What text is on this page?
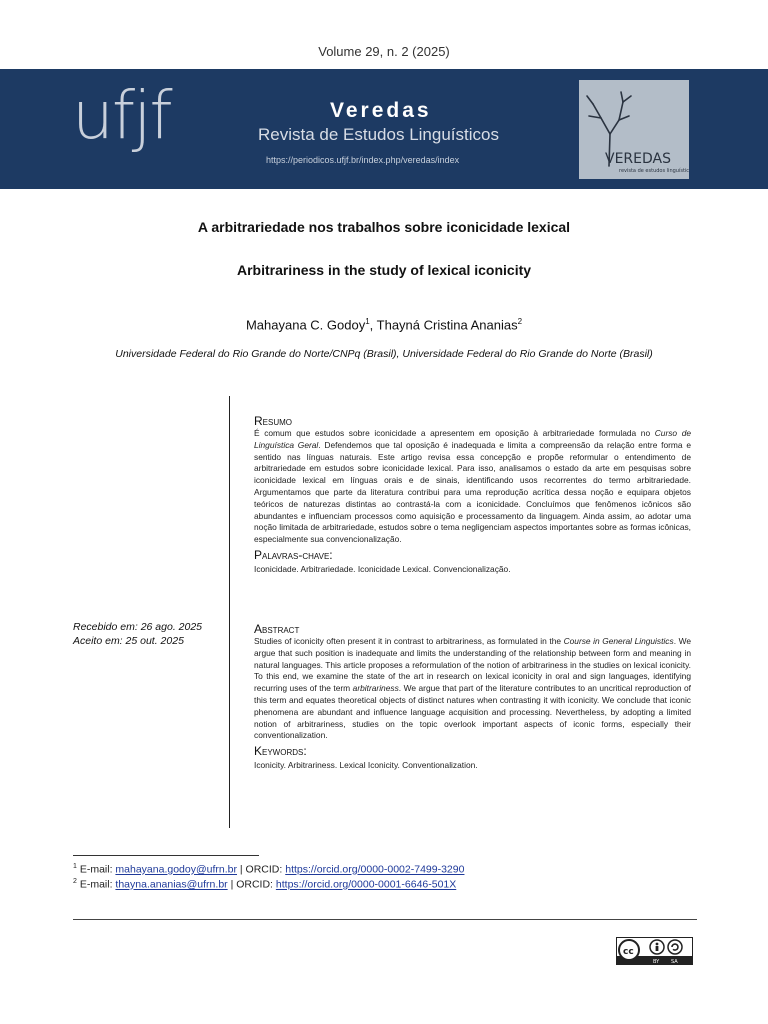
Volume 29, n. 2 (2025)
ufjf	Veredas
Revista de Estudos Linguísticos
https://periodicos.ufjf.br/index.php/veredas/index	VEREDAS
revista de estudos linguísticos
A arbitrariedade nos trabalhos sobre iconicidade lexical
Arbitrariness in the study of lexical iconicity
Mahayana C. Godoy$^1$, Thayná Cristina Ananias$^2$
Universidade Federal do Rio Grande do Norte/CNPq (Brasil), Universidade Federal do Rio Grande do Norte (Brasil)
Recebido em: 26 ago. 2025
Aceito em: 25 out. 2025
Resumo
É comum que estudos sobre iconicidade a apresentem em oposição à arbitrariedade formulada no Curso de Linguística Geral. Defendemos que tal oposição é inadequada e limita a compreensão da relação entre forma e sentido nas línguas naturais. Este artigo revisa essa concepção e propõe reformular o entendimento de arbitrariedade em estudos sobre iconicidade lexical. Para isso, analisamos o estado da arte em pesquisas sobre iconicidade lexical em línguas orais e de sinais, identificando usos recorrentes do termo arbitrariedade. Argumentamos que parte da literatura contribui para uma reprodução acrítica dessa noção e equipara objetos teóricos de naturezas distintas ao contrastá-la com a iconicidade. Concluímos que fenômenos icônicos são abundantes e influenciam processos como aquisição e processamento da linguagem. Ainda assim, ao adotar uma noção limitada de arbitrariedade, estudos sobre o tema negligenciam aspectos importantes sobre as formas icônicas, especialmente sua convencionalização.
Palavras-chave:
Iconicidade. Arbitrariedade. Iconicidade Lexical. Convencionalização.
Abstract
Studies of iconicity often present it in contrast to arbitrariness, as formulated in the Course in General Linguistics. We argue that such position is inadequate and limits the understanding of the relationship between form and meaning in natural languages. This article proposes a reformulation of the notion of arbitrariness in the studies on lexical iconicity. To this end, we examine the state of the art in research on lexical iconicity in oral and sign languages, identifying recurring uses of the term arbitrariness. We argue that part of the literature contributes to an uncritical reproduction of this term and equates theoretical objects of distinct natures when contrasting it with iconicity. We conclude that iconic phenomena are abundant and influence language acquisition and processing. Nevertheless, by adopting a limited notion of arbitrariness, studies on the topic overlook important aspects of iconic forms, especially their conventionalization.
Keywords:
Iconicity. Arbitrariness. Lexical Iconicity. Conventionalization.
$^1$ E-mail: mahayana.godoy@ufrn.br | ORCID: https://orcid.org/0000-0002-7499-3290
$^2$ E-mail: thayna.ananias@ufrn.br | ORCID: https://orcid.org/0000-0001-6646-501X
cc
BY SA
